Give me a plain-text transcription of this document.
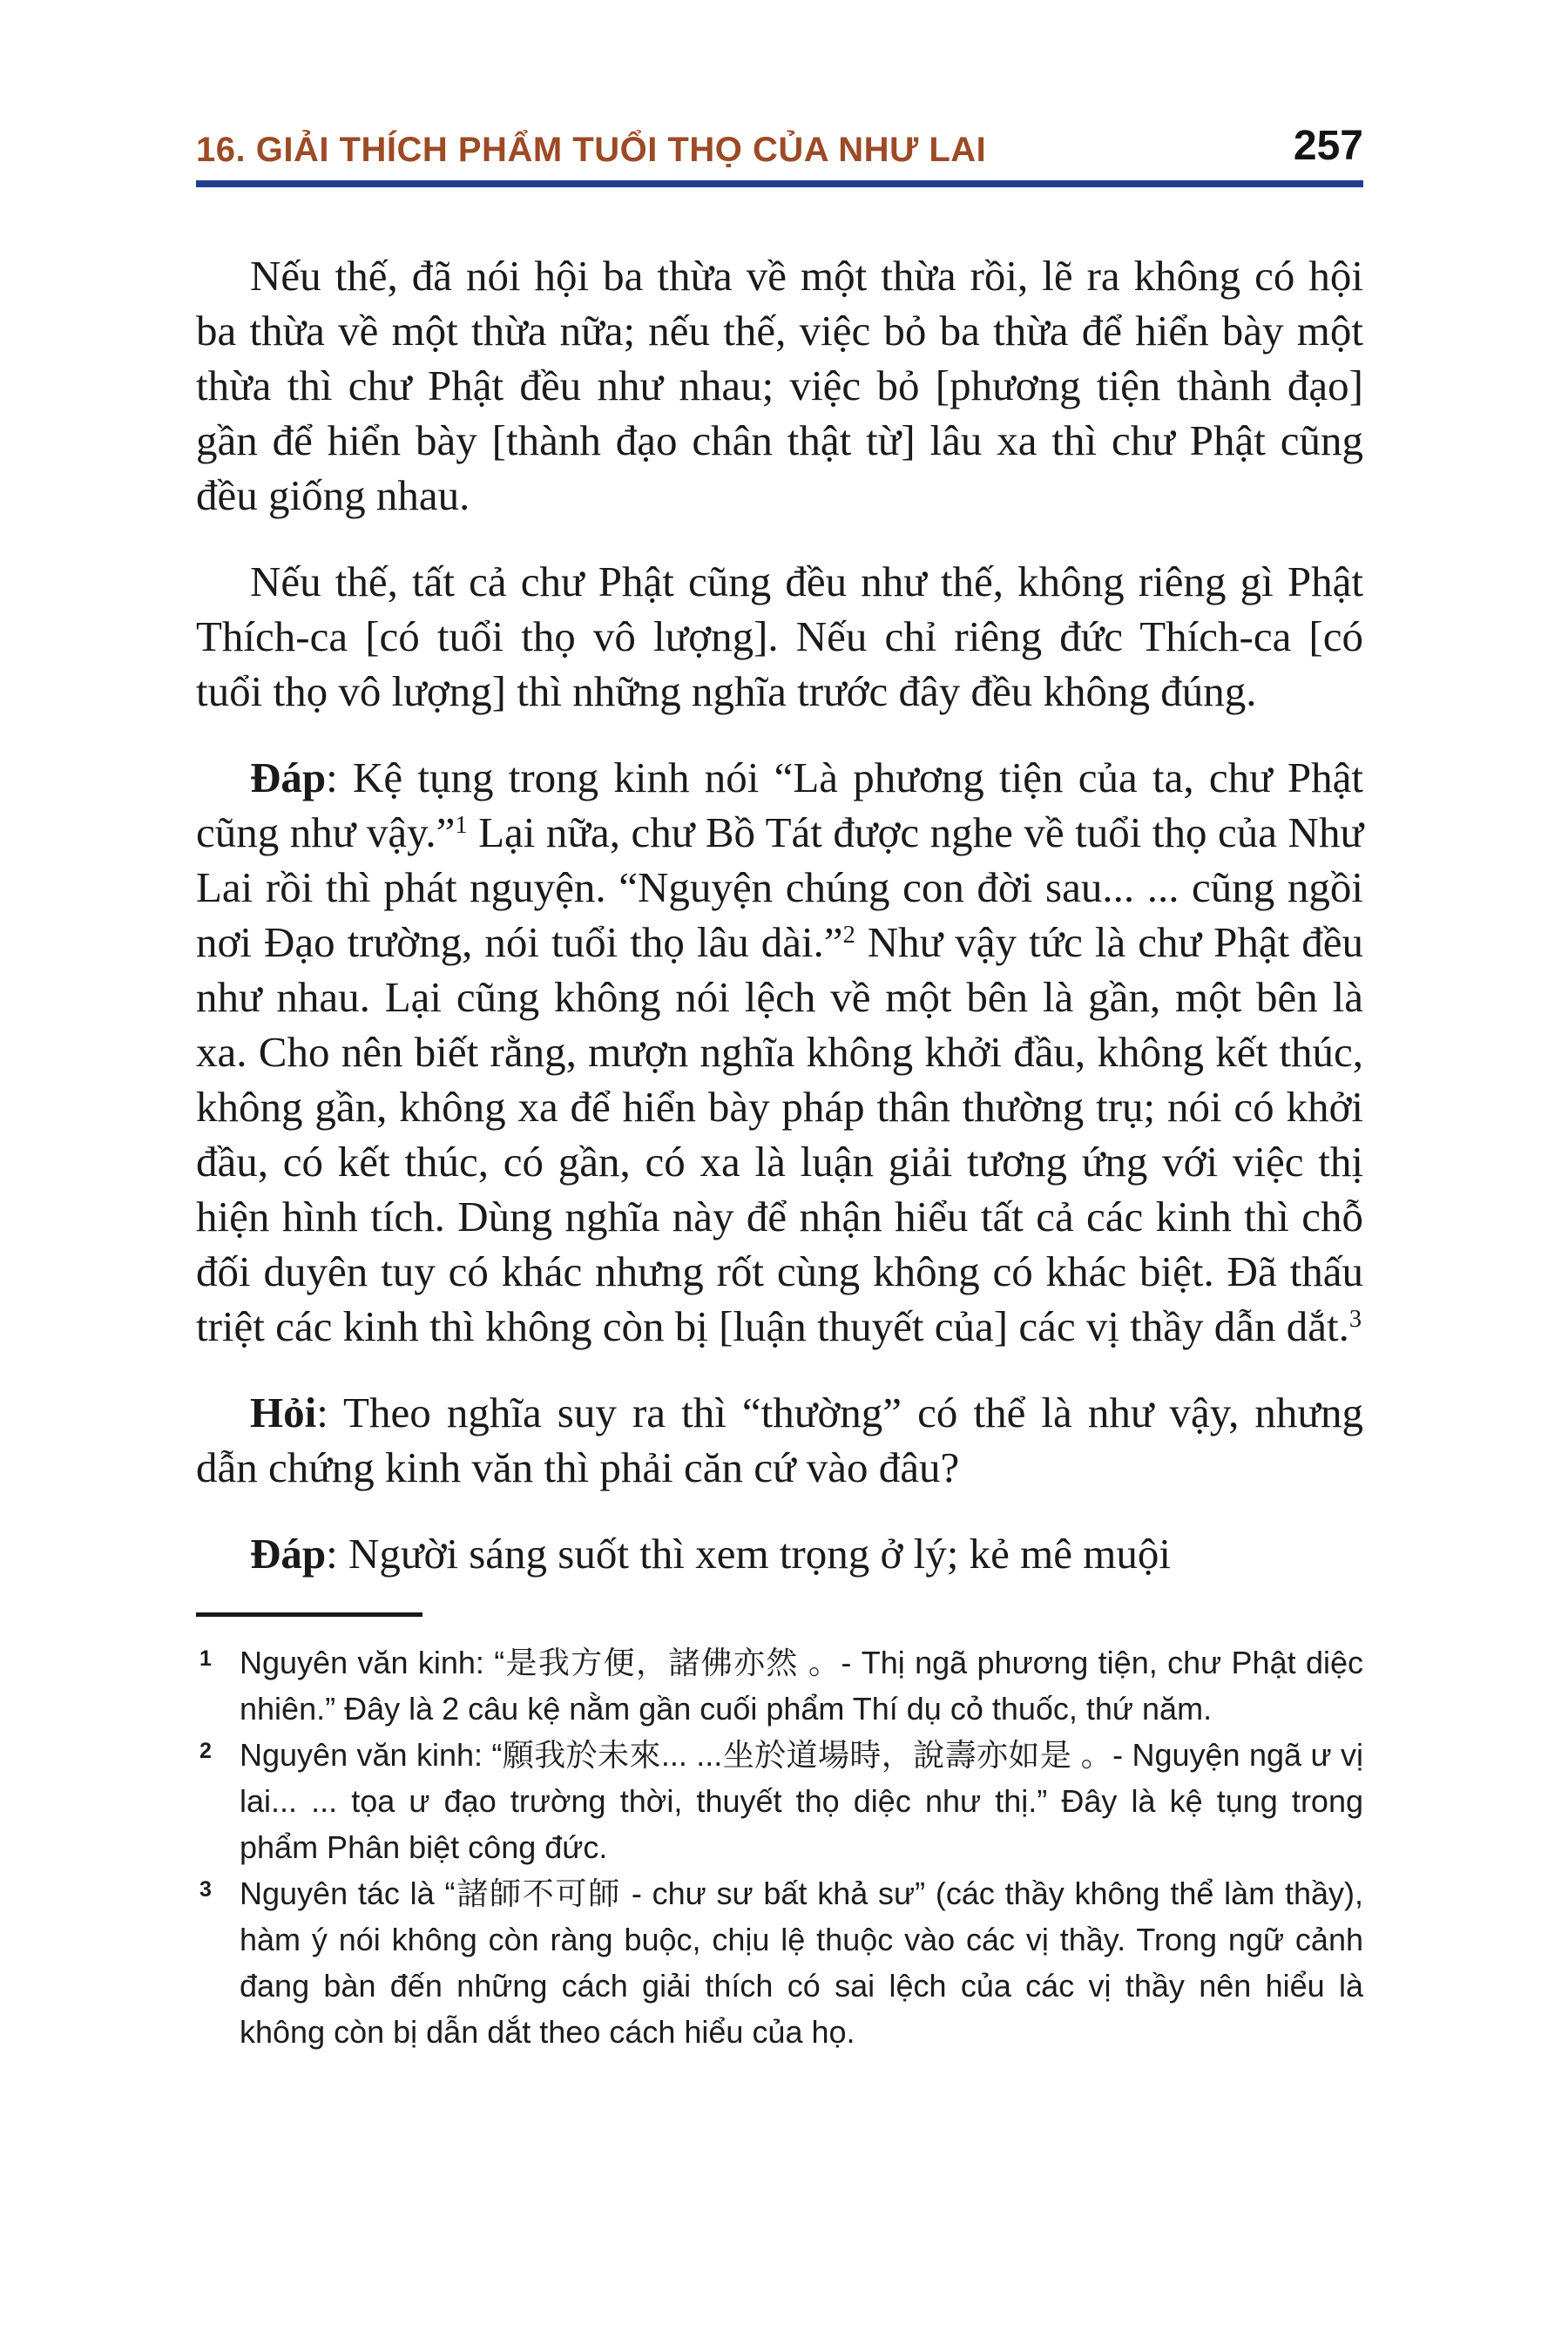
16. GIẢI THÍCH PHẨM TUỔI THỌ CỦA NHƯ LAI	257

Nếu thế, đã nói hội ba thừa về một thừa rồi, lẽ ra không có hội ba thừa về một thừa nữa; nếu thế, việc bỏ ba thừa để hiển bày một thừa thì chư Phật đều như nhau; việc bỏ [phương tiện thành đạo] gần để hiển bày [thành đạo chân thật từ] lâu xa thì chư Phật cũng đều giống nhau.

Nếu thế, tất cả chư Phật cũng đều như thế, không riêng gì Phật Thích-ca [có tuổi thọ vô lượng]. Nếu chỉ riêng đức Thích-ca [có tuổi thọ vô lượng] thì những nghĩa trước đây đều không đúng.

Đáp: Kệ tụng trong kinh nói “Là phương tiện của ta, chư Phật cũng như vậy.”$^1$ Lại nữa, chư Bồ Tát được nghe về tuổi thọ của Như Lai rồi thì phát nguyện. “Nguyện chúng con đời sau... ... cũng ngồi nơi Đạo trường, nói tuổi thọ lâu dài.”$^2$ Như vậy tức là chư Phật đều như nhau. Lại cũng không nói lệch về một bên là gần, một bên là xa. Cho nên biết rằng, mượn nghĩa không khởi đầu, không kết thúc, không gần, không xa để hiển bày pháp thân thường trụ; nói có khởi đầu, có kết thúc, có gần, có xa là luận giải tương ứng với việc thị hiện hình tích. Dùng nghĩa này để nhận hiểu tất cả các kinh thì chỗ đối duyên tuy có khác nhưng rốt cùng không có khác biệt. Đã thấu triệt các kinh thì không còn bị [luận thuyết của] các vị thầy dẫn dắt.$^3$

Hỏi: Theo nghĩa suy ra thì “thường” có thể là như vậy, nhưng dẫn chứng kinh văn thì phải căn cứ vào đâu?

Đáp: Người sáng suốt thì xem trọng ở lý; kẻ mê muội

1 Nguyên văn kinh: “是我方便，諸佛亦然 。- Thị ngã phương tiện, chư Phật diệc nhiên.” Đây là 2 câu kệ nằm gần cuối phẩm Thí dụ cỏ thuốc, thứ năm.
2 Nguyên văn kinh: “願我於未來... ...坐於道場時，說壽亦如是 。- Nguyện ngã ư vị lai... ... tọa ư đạo trường thời, thuyết thọ diệc như thị.” Đây là kệ tụng trong phẩm Phân biệt công đức.
3 Nguyên tác là “諸師不可師 - chư sư bất khả sư” (các thầy không thể làm thầy), hàm ý nói không còn ràng buộc, chịu lệ thuộc vào các vị thầy. Trong ngữ cảnh đang bàn đến những cách giải thích có sai lệch của các vị thầy nên hiểu là không còn bị dẫn dắt theo cách hiểu của họ.
